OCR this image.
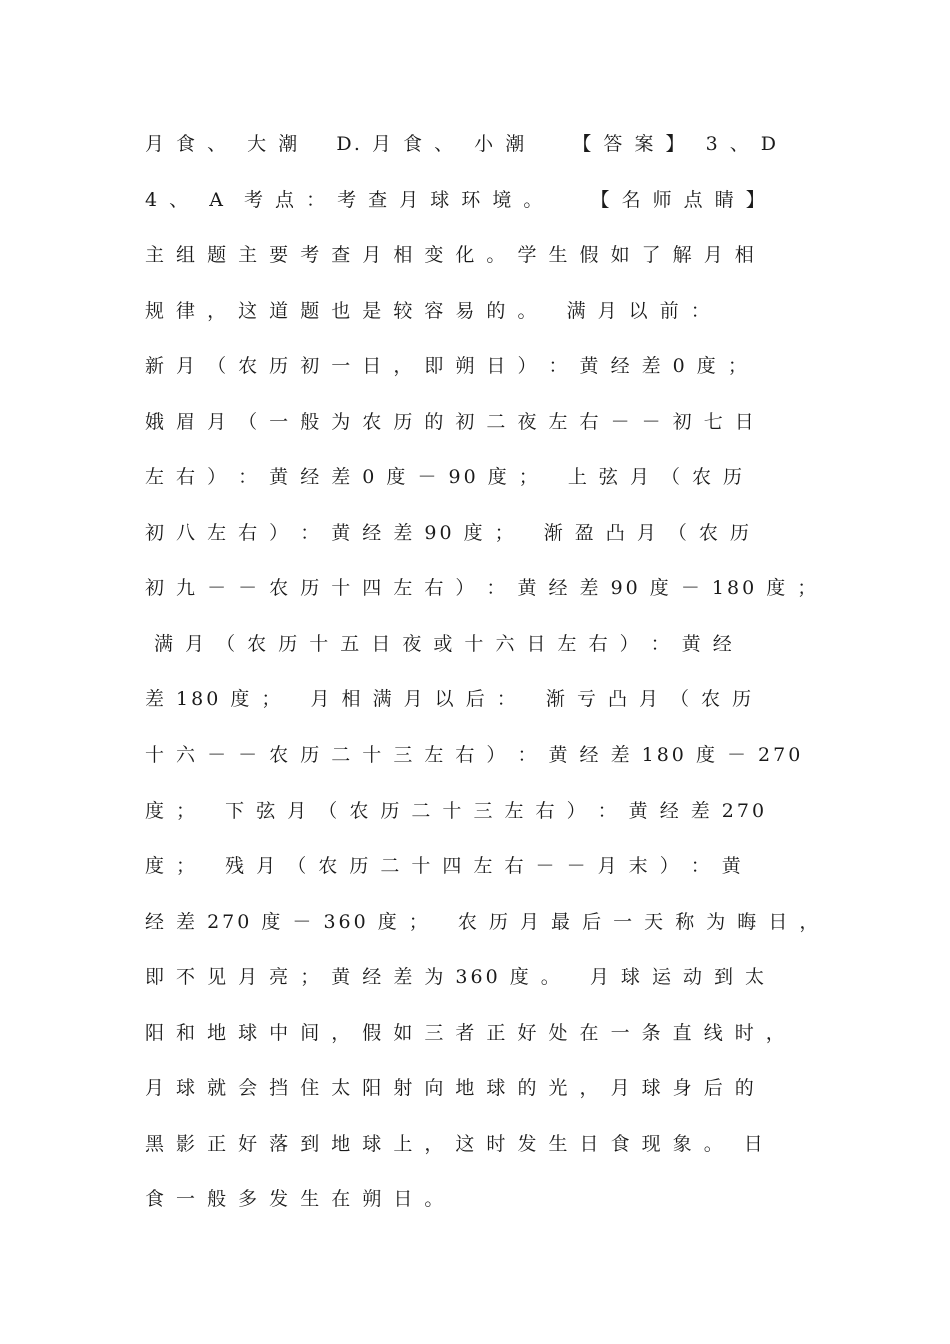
月 食 、  大 潮    D. 月 食 、  小 潮     【 答 案 】  3 、 D
4 、  A  考 点 ： 考 查 月 球 环 境 。     【 名 师 点 睛 】
主 组 题 主 要 考 查 月 相 变 化 。 学 生 假 如 了 解 月 相
规 律 ， 这 道 题 也 是 较 容 易 的 。   满 月 以 前 ：
新 月 （ 农 历 初 一 日 ， 即 朔 日 ） ： 黄 经 差 0 度 ；
娥 眉 月 （ 一 般 为 农 历 的 初 二 夜 左 右 － － 初 七 日
左 右 ） ： 黄 经 差 0 度 － 90 度 ；   上 弦 月 （ 农 历
初 八 左 右 ） ： 黄 经 差 90 度 ；   渐 盈 凸 月 （ 农 历
初 九 － － 农 历 十 四 左 右 ） ： 黄 经 差 90 度 － 180 度 ；
满 月 （ 农 历 十 五 日 夜 或 十 六 日 左 右 ） ： 黄 经
差 180 度 ；   月 相 满 月 以 后 ：   渐 亏 凸 月 （ 农 历
十 六 － － 农 历 二 十 三 左 右 ） ： 黄 经 差 180 度 － 270
度 ；   下 弦 月 （ 农 历 二 十 三 左 右 ） ： 黄 经 差 270
度 ；   残 月 （ 农 历 二 十 四 左 右 － － 月 末 ） ： 黄
经 差 270 度 － 360 度 ；   农 历 月 最 后 一 天 称 为 晦 日 ，
即 不 见 月 亮 ； 黄 经 差 为 360 度 。   月 球 运 动 到 太
阳 和 地 球 中 间 ， 假 如 三 者 正 好 处 在 一 条 直 线 时 ，
月 球 就 会 挡 住 太 阳 射 向 地 球 的 光 ， 月 球 身 后 的
黑 影 正 好 落 到 地 球 上 ， 这 时 发 生 日 食 现 象 。  日
食 一 般 多 发 生 在 朔 日 。
